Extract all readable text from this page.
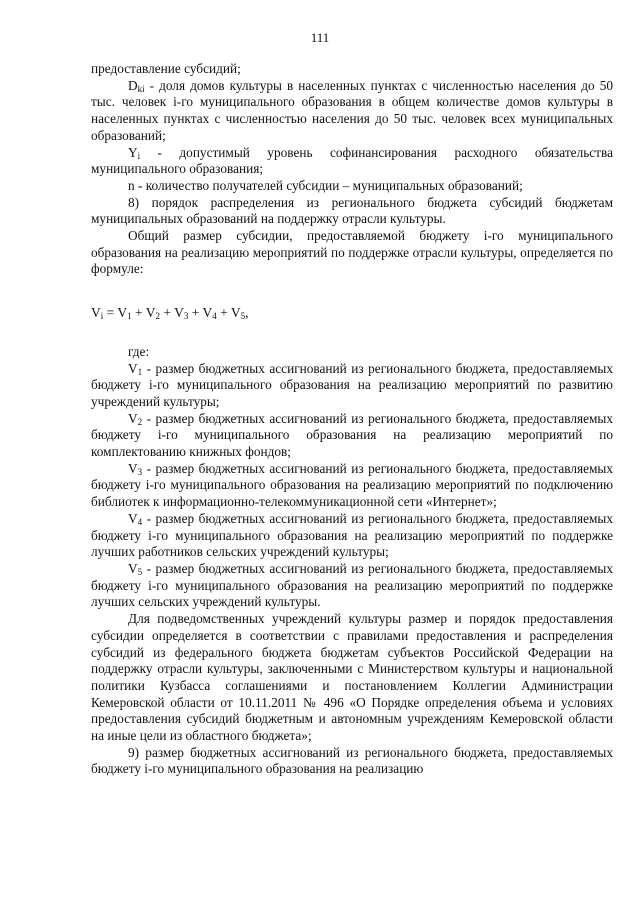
111

предоставление субсидий;

$D_{ki}$ - доля домов культуры в населенных пунктах с численностью населения до 50 тыс. человек i-го муниципального образования в общем количестве домов культуры в населенных пунктах с численностью населения до 50 тыс. человек всех муниципальных образований;

$Y_i$ - допустимый уровень софинансирования расходного обязательства муниципального образования;

n - количество получателей субсидии – муниципальных образований;

8) порядок распределения из регионального бюджета субсидий бюджетам муниципальных образований на поддержку отрасли культуры.

Общий размер субсидии, предоставляемой бюджету i-го муниципального образования на реализацию мероприятий по поддержке отрасли культуры, определяется по формуле:

$V_i = V_1 + V_2 + V_3 + V_4 + V_5$,

где:

$V_1$ - размер бюджетных ассигнований из регионального бюджета, предоставляемых бюджету i-го муниципального образования на реализацию мероприятий по развитию учреждений культуры;

$V_2$ - размер бюджетных ассигнований из регионального бюджета, предоставляемых бюджету i-го муниципального образования на реализацию мероприятий по комплектованию книжных фондов;

$V_3$ - размер бюджетных ассигнований из регионального бюджета, предоставляемых бюджету i-го муниципального образования на реализацию мероприятий по подключению библиотек к информационно-телекоммуникационной сети «Интернет»;

$V_4$ - размер бюджетных ассигнований из регионального бюджета, предоставляемых бюджету i-го муниципального образования на реализацию мероприятий по поддержке лучших работников сельских учреждений культуры;

$V_5$ - размер бюджетных ассигнований из регионального бюджета, предоставляемых бюджету i-го муниципального образования на реализацию мероприятий по поддержке лучших сельских учреждений культуры.

Для подведомственных учреждений культуры размер и порядок предоставления субсидии определяется в соответствии с правилами предоставления и распределения субсидий из федерального бюджета бюджетам субъектов Российской Федерации на поддержку отрасли культуры, заключенными с Министерством культуры и национальной политики Кузбасса соглашениями и постановлением Коллегии Администрации Кемеровской области от 10.11.2011 № 496 «О Порядке определения объема и условиях предоставления субсидий бюджетным и автономным учреждениям Кемеровской области на иные цели из областного бюджета»;

9) размер бюджетных ассигнований из регионального бюджета, предоставляемых бюджету i-го муниципального образования на реализацию
